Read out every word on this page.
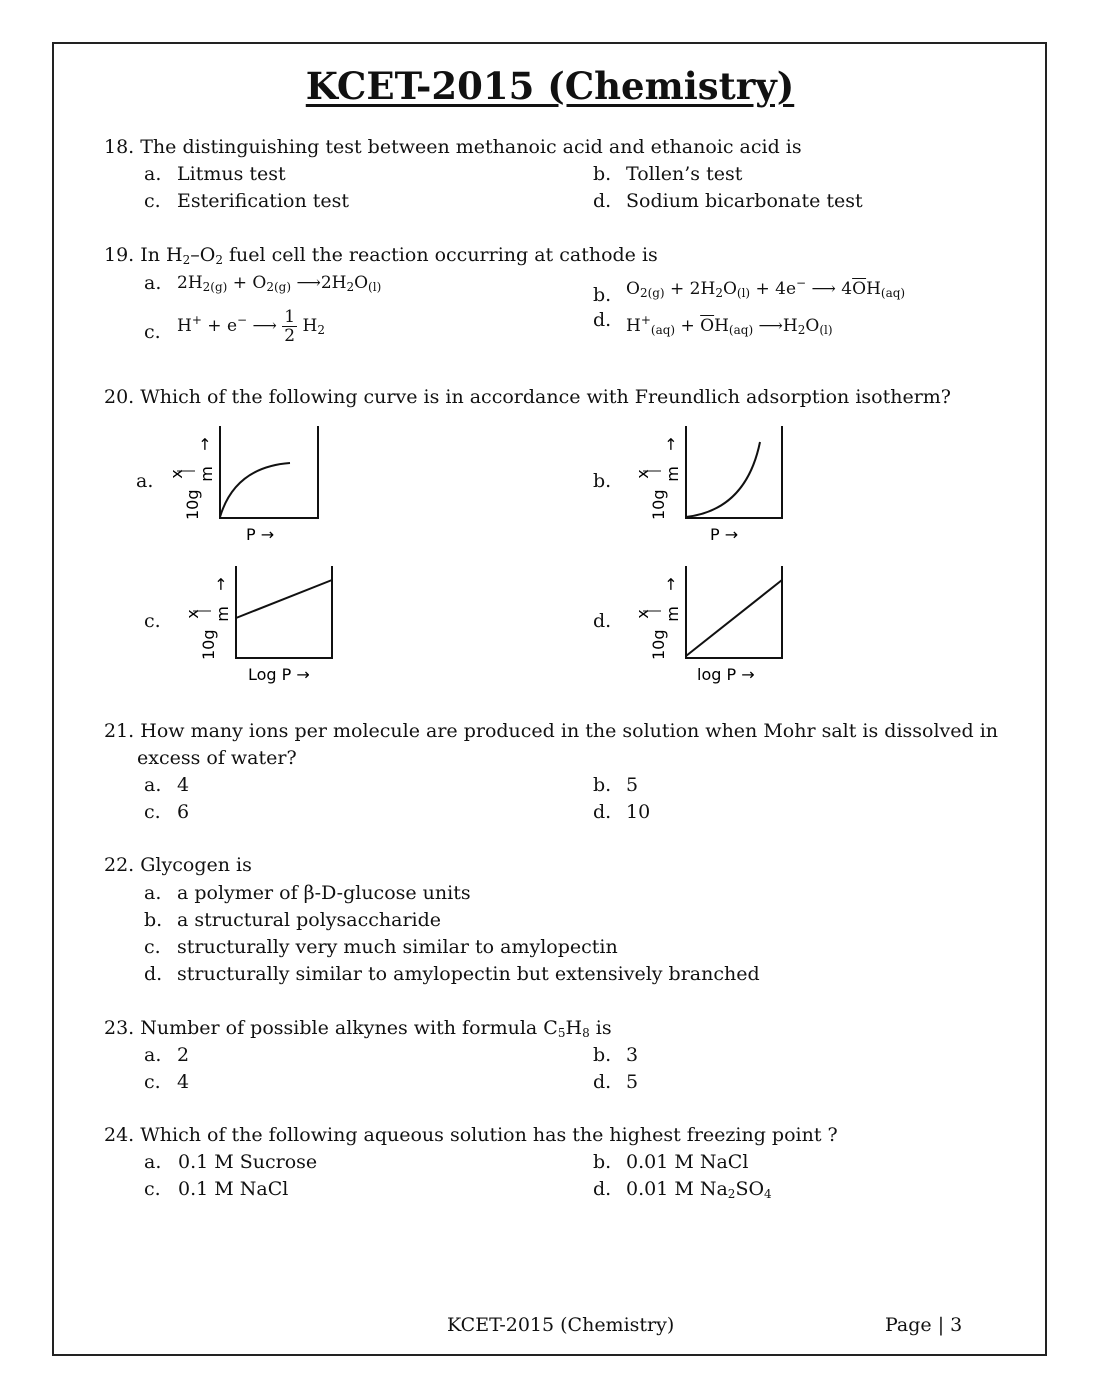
KCET-2015 (Chemistry)
18. The distinguishing test between methanoic acid and ethanoic acid is
a. Litmus test	b. Tollen’s test
c. Esterification test	d. Sodium bicarbonate test
19. In $H_2-O_2$ fuel cell the reaction occurring at cathode is
a. $2H_{2(g)} + O_{2(g)}$ $⟶2H_2O_{(l)}$	b. $O_{2(g)} + 2H_2O_{(l)} + 4e^-$ ⟶ $4\overline{O}H_{(aq)}$
c. H+ + e− ⟶ $\frac{1}{2} H_2$	d. $H^+_{(aq)} + \overline{O}H_{(aq)}$ $⟶H_2O_{(l)}$
20. Which of the following curve is in accordance with Freundlich adsorption isotherm?
a.	b.
c.	d.
10g
x m
→
P →
10g
x m
→
P →
10g
x m
→
Log P →
10g
x m
→
log P →
21. How many ions per molecule are produced in the solution when Mohr salt is dissolved in
excess of water?
a. 4	b. 5
c. 6	d. 10
22. Glycogen is
a. a polymer of β-D-glucose units
b. a structural polysaccharide
c. structurally very much similar to amylopectin
d. structurally similar to amylopectin but extensively branched
23. Number of possible alkynes with formula $C_5H_8$ is
a. 2	b. 3
c. 4	d. 5
24. Which of the following aqueous solution has the highest freezing point ?
a. 0.1 M Sucrose	b. 0.01 M NaCl
c. 0.1 M NaCl	d. 0.01 M $Na_2SO_4$
KCET-2015 (Chemistry)	Page | 3
